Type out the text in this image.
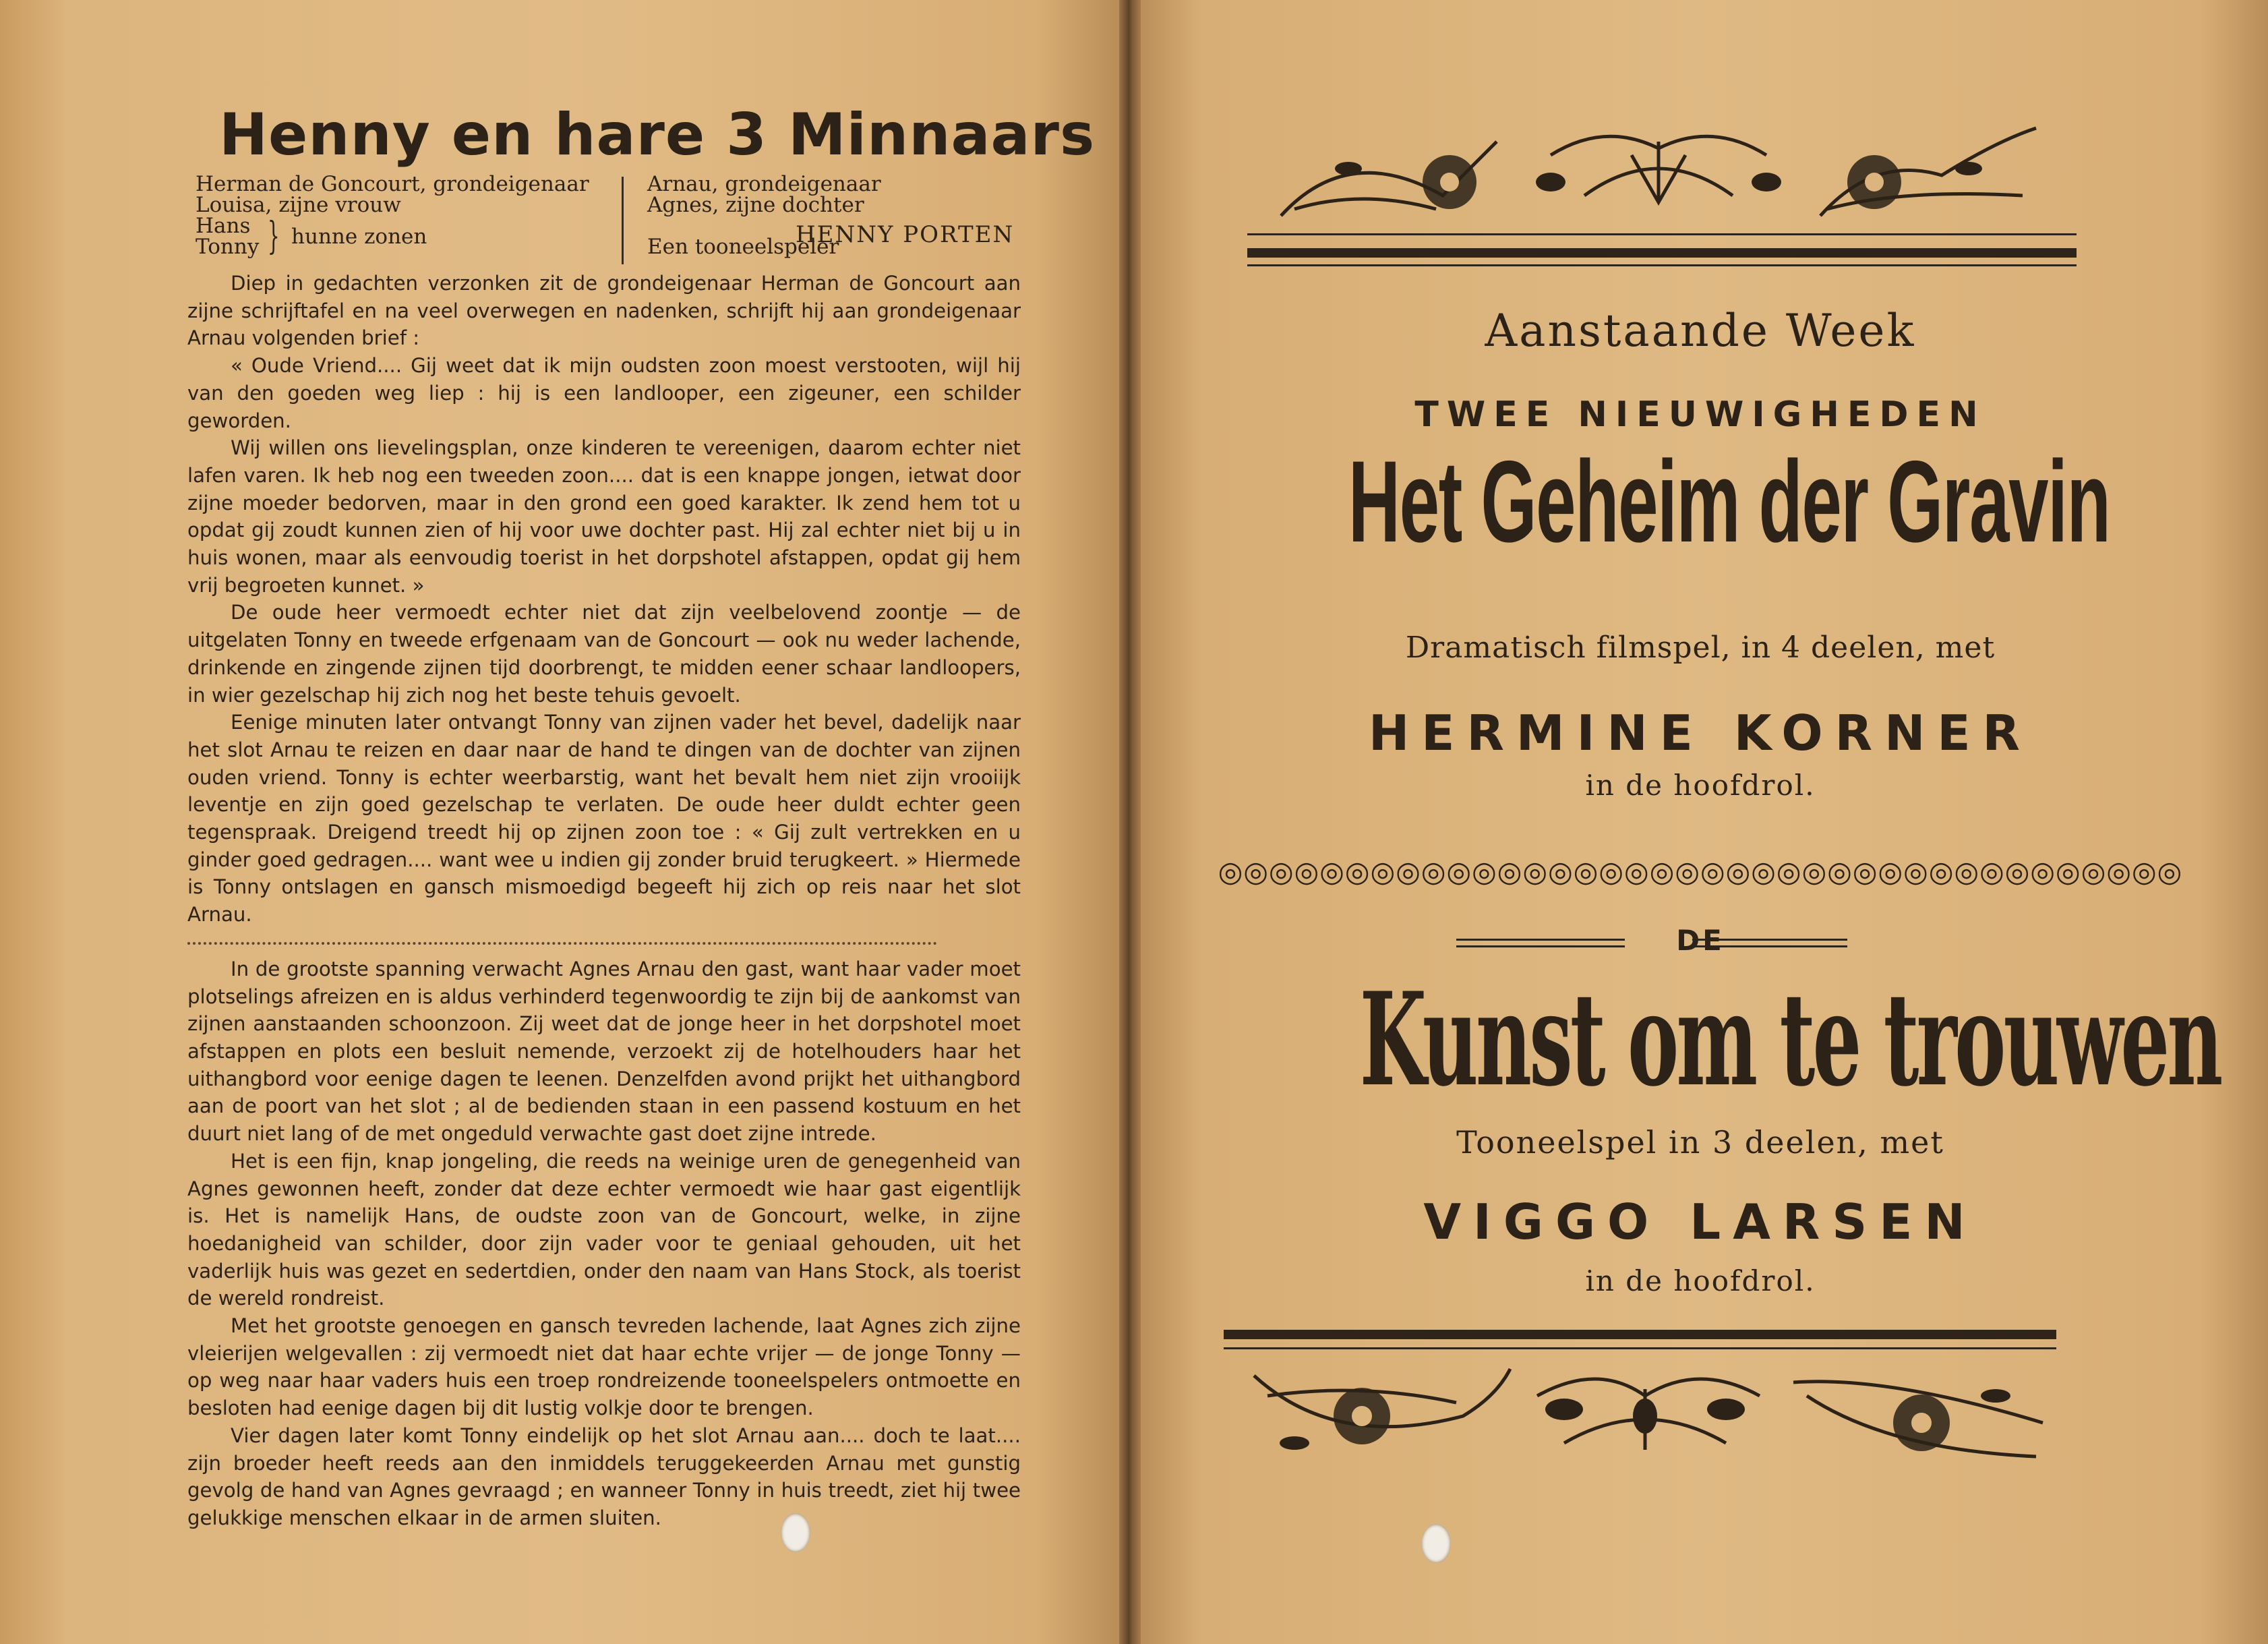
Henny en hare 3 Minnaars
Herman de Goncourt, grondeigenaar
Louisa, zijne vrouw
Hans
Tonny } hunne zonen
Arnau, grondeigenaar
Agnes, zijne dochter
Een tooneelspeler
HENNY PORTEN

Diep in gedachten verzonken zit de grondeigenaar Herman de Goncourt aan zijne schrijftafel en na veel overwegen en nadenken, schrijft hij aan grondeigenaar Arnau volgenden brief :

« Oude Vriend.... Gij weet dat ik mijn oudsten zoon moest verstooten, wijl hij van den goeden weg liep : hij is een landlooper, een zigeuner, een schilder geworden.

Wij willen ons lievelingsplan, onze kinderen te vereenigen, daarom echter niet lafen varen. Ik heb nog een tweeden zoon.... dat is een knappe jongen, ietwat door zijne moeder bedorven, maar in den grond een goed karakter. Ik zend hem tot u opdat gij zoudt kunnen zien of hij voor uwe dochter past. Hij zal echter niet bij u in huis wonen, maar als eenvoudig toerist in het dorpshotel afstappen, opdat gij hem vrij begroeten kunnet. »

De oude heer vermoedt echter niet dat zijn veelbelovend zoontje — de uitgelaten Tonny en tweede erfgenaam van de Goncourt — ook nu weder lachende, drinkende en zingende zijnen tijd doorbrengt, te midden eener schaar landloopers, in wier gezelschap hij zich nog het beste tehuis gevoelt.

Eenige minuten later ontvangt Tonny van zijnen vader het bevel, dadelijk naar het slot Arnau te reizen en daar naar de hand te dingen van de dochter van zijnen ouden vriend. Tonny is echter weerbarstig, want het bevalt hem niet zijn vrooiijk leventje en zijn goed gezelschap te verlaten. De oude heer duldt echter geen tegenspraak. Dreigend treedt hij op zijnen zoon toe : « Gij zult vertrekken en u ginder goed gedragen.... want wee u indien gij zonder bruid terugkeert. » Hiermede is Tonny ontslagen en gansch mismoedigd begeeft hij zich op reis naar het slot Arnau.

In de grootste spanning verwacht Agnes Arnau den gast, want haar vader moet plotselings afreizen en is aldus verhinderd tegenwoordig te zijn bij de aankomst van zijnen aanstaanden schoonzoon. Zij weet dat de jonge heer in het dorpshotel moet afstappen en plots een besluit nemende, verzoekt zij de hotelhouders haar het uithangbord voor eenige dagen te leenen. Denzelfden avond prijkt het uithangbord aan de poort van het slot ; al de bedienden staan in een passend kostuum en het duurt niet lang of de met ongeduld verwachte gast doet zijne intrede.

Het is een fijn, knap jongeling, die reeds na weinige uren de genegenheid van Agnes gewonnen heeft, zonder dat deze echter vermoedt wie haar gast eigentlijk is. Het is namelijk Hans, de oudste zoon van de Goncourt, welke, in zijne hoedanigheid van schilder, door zijn vader voor te geniaal gehouden, uit het vaderlijk huis was gezet en sedertdien, onder den naam van Hans Stock, als toerist de wereld rondreist.

Met het grootste genoegen en gansch tevreden lachende, laat Agnes zich zijne vleierijen welgevallen : zij vermoedt niet dat haar echte vrijer — de jonge Tonny — op weg naar haar vaders huis een troep rondreizende tooneelspelers ontmoette en besloten had eenige dagen bij dit lustig volkje door te brengen.

Vier dagen later komt Tonny eindelijk op het slot Arnau aan.... doch te laat.... zijn broeder heeft reeds aan den inmiddels teruggekeerden Arnau met gunstig gevolg de hand van Agnes gevraagd ; en wanneer Tonny in huis treedt, ziet hij twee gelukkige menschen elkaar in de armen sluiten.

Aanstaande Week
TWEE NIEUWIGHEDEN
Het Geheim der Gravin
Dramatisch filmspel, in 4 deelen, met
HERMINE KORNER
in de hoofdrol.
◎◎◎◎◎◎◎◎◎◎◎◎◎◎◎◎◎◎◎◎◎◎◎◎◎◎◎◎◎◎◎◎◎◎◎◎◎◎
DE
Kunst om te trouwen
Tooneelspel in 3 deelen, met
VIGGO LARSEN
in de hoofdrol.
